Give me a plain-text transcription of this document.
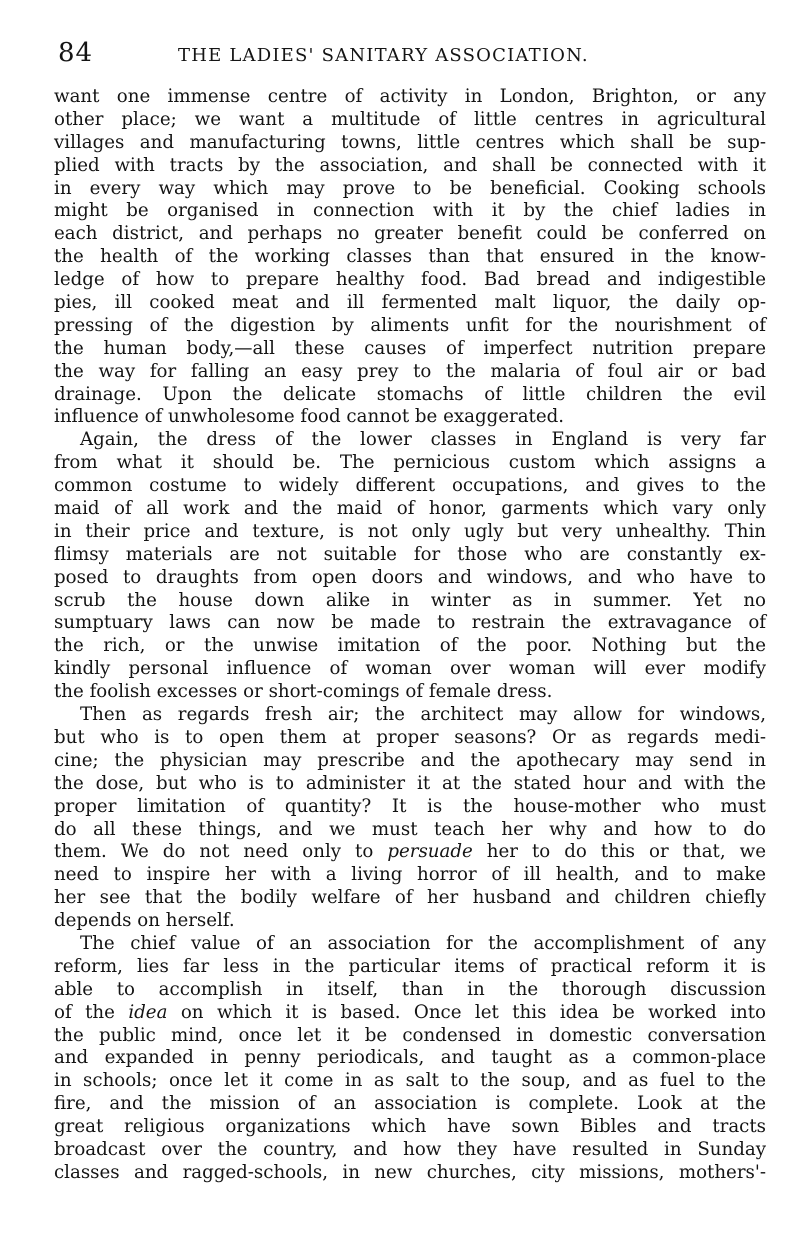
84	THE LADIES' SANITARY ASSOCIATION.
want one immense centre of activity in London, Brighton, or any
other place; we want a multitude of little centres in agricultural
villages and manufacturing towns, little centres which shall be sup-
plied with tracts by the association, and shall be connected with it
in every way which may prove to be beneficial. Cooking schools
might be organised in connection with it by the chief ladies in
each district, and perhaps no greater benefit could be conferred on
the health of the working classes than that ensured in the know-
ledge of how to prepare healthy food. Bad bread and indigestible
pies, ill cooked meat and ill fermented malt liquor, the daily op-
pressing of the digestion by aliments unfit for the nourishment of
the human body,—all these causes of imperfect nutrition prepare
the way for falling an easy prey to the malaria of foul air or bad
drainage. Upon the delicate stomachs of little children the evil
influence of unwholesome food cannot be exaggerated.
Again, the dress of the lower classes in England is very far
from what it should be. The pernicious custom which assigns a
common costume to widely different occupations, and gives to the
maid of all work and the maid of honor, garments which vary only
in their price and texture, is not only ugly but very unhealthy. Thin
flimsy materials are not suitable for those who are constantly ex-
posed to draughts from open doors and windows, and who have to
scrub the house down alike in winter as in summer. Yet no
sumptuary laws can now be made to restrain the extravagance of
the rich, or the unwise imitation of the poor. Nothing but the
kindly personal influence of woman over woman will ever modify
the foolish excesses or short-comings of female dress.
Then as regards fresh air; the architect may allow for windows,
but who is to open them at proper seasons? Or as regards medi-
cine; the physician may prescribe and the apothecary may send in
the dose, but who is to administer it at the stated hour and with the
proper limitation of quantity? It is the house-mother who must
do all these things, and we must teach her why and how to do
them. We do not need only to persuade her to do this or that, we
need to inspire her with a living horror of ill health, and to make
her see that the bodily welfare of her husband and children chiefly
depends on herself.
The chief value of an association for the accomplishment of any
reform, lies far less in the particular items of practical reform it is
able to accomplish in itself, than in the thorough discussion
of the idea on which it is based. Once let this idea be worked into
the public mind, once let it be condensed in domestic conversation
and expanded in penny periodicals, and taught as a common-place
in schools; once let it come in as salt to the soup, and as fuel to the
fire, and the mission of an association is complete. Look at the
great religious organizations which have sown Bibles and tracts
broadcast over the country, and how they have resulted in Sunday
classes and ragged-schools, in new churches, city missions, mothers'-
